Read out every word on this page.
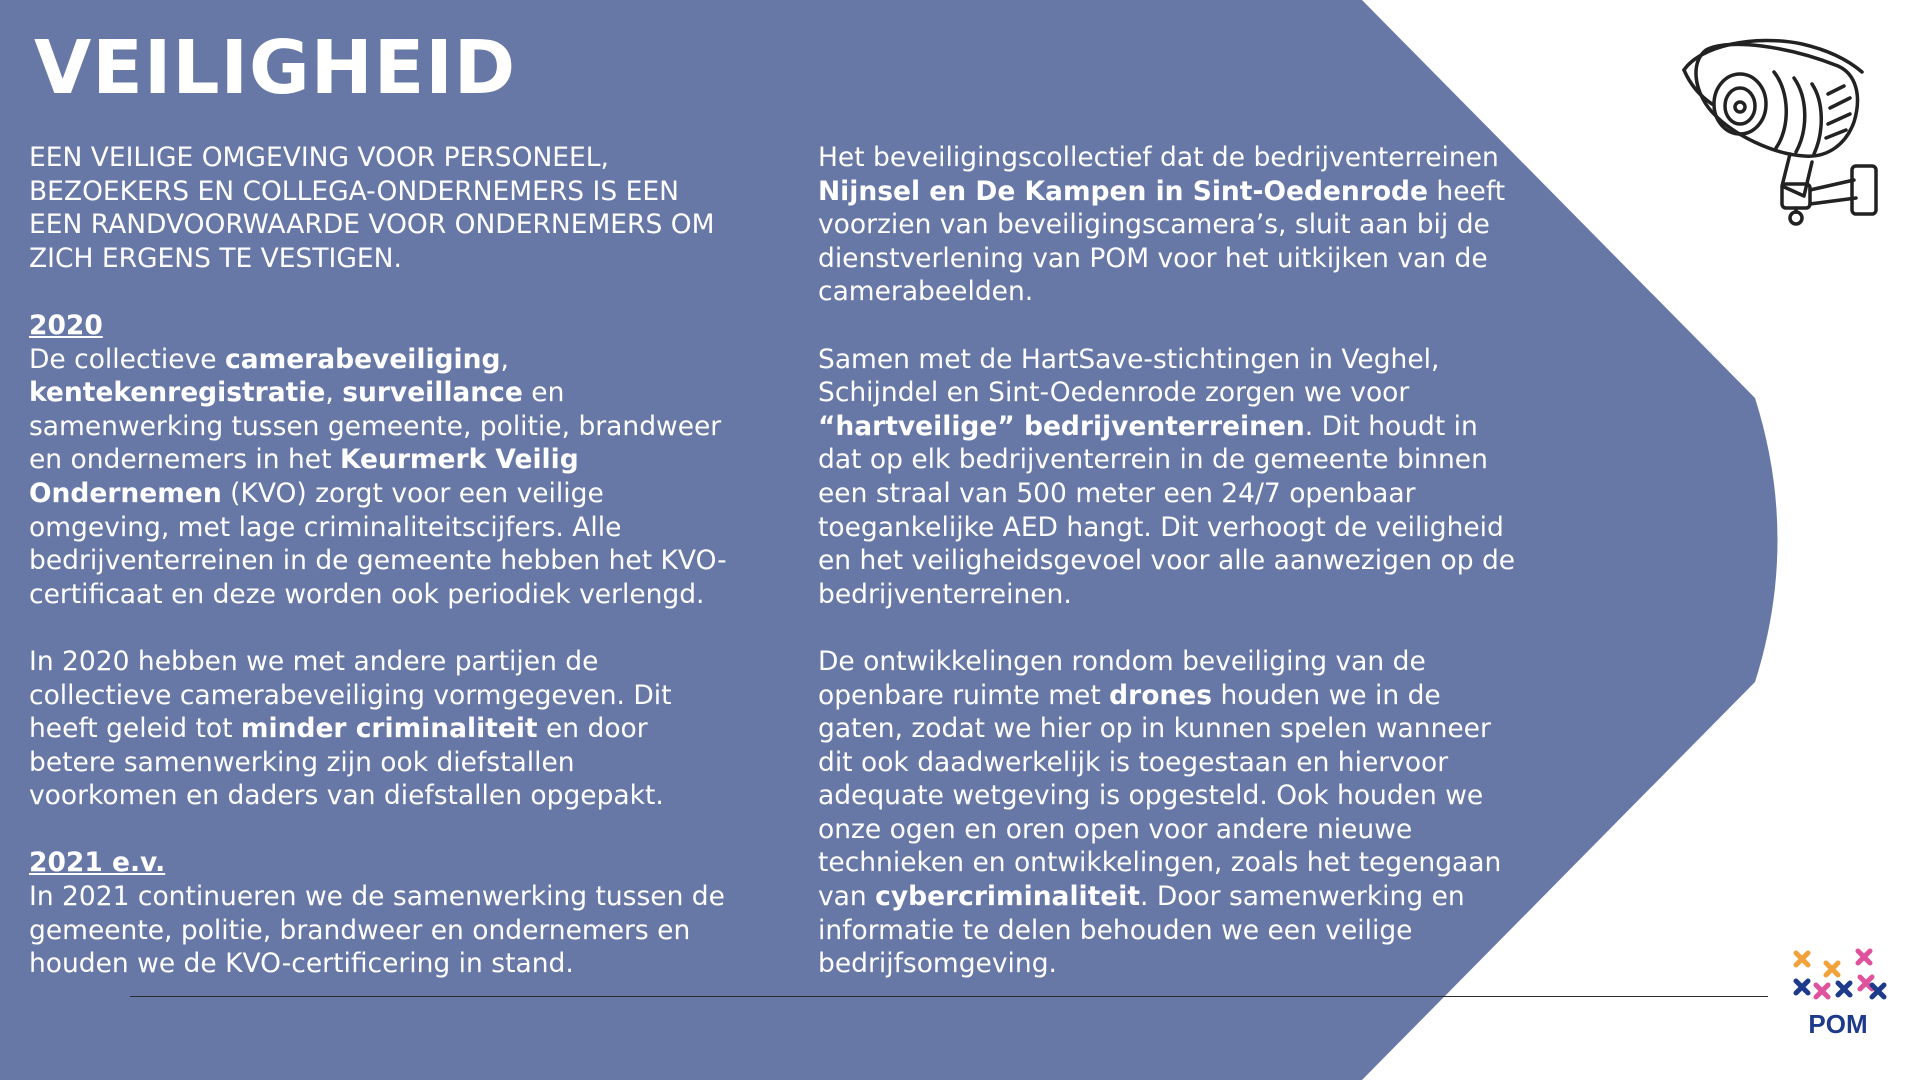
VEILIGHEID

EEN VEILIGE OMGEVING VOOR PERSONEEL,

BEZOEKERS EN COLLEGA-ONDERNEMERS IS EEN

EEN RANDVOORWAARDE VOOR ONDERNEMERS OM

ZICH ERGENS TE VESTIGEN.

2020

De collectieve camerabeveiliging,

kentekenregistratie, surveillance en

samenwerking tussen gemeente, politie, brandweer

en ondernemers in het Keurmerk Veilig

Ondernemen (KVO) zorgt voor een veilige

omgeving, met lage criminaliteitscijfers. Alle

bedrijventerreinen in de gemeente hebben het KVO-

certificaat en deze worden ook periodiek verlengd.

In 2020 hebben we met andere partijen de

collectieve camerabeveiliging vormgegeven. Dit

heeft geleid tot minder criminaliteit en door

betere samenwerking zijn ook diefstallen

voorkomen en daders van diefstallen opgepakt.

2021 e.v.

In 2021 continueren we de samenwerking tussen de

gemeente, politie, brandweer en ondernemers en

houden we de KVO-certificering in stand.

Het beveiligingscollectief dat de bedrijventerreinen

Nijnsel en De Kampen in Sint-Oedenrode heeft

voorzien van beveiligingscamera’s, sluit aan bij de

dienstverlening van POM voor het uitkijken van de

camerabeelden.

Samen met de HartSave-stichtingen in Veghel,

Schijndel en Sint-Oedenrode zorgen we voor

“hartveilige” bedrijventerreinen. Dit houdt in

dat op elk bedrijventerrein in de gemeente binnen

een straal van 500 meter een 24/7 openbaar

toegankelijke AED hangt. Dit verhoogt de veiligheid

en het veiligheidsgevoel voor alle aanwezigen op de

bedrijventerreinen.

De ontwikkelingen rondom beveiliging van de

openbare ruimte met drones houden we in de

gaten, zodat we hier op in kunnen spelen wanneer

dit ook daadwerkelijk is toegestaan en hiervoor

adequate wetgeving is opgesteld. Ook houden we

onze ogen en oren open voor andere nieuwe

technieken en ontwikkelingen, zoals het tegengaan

van cybercriminaliteit. Door samenwerking en

informatie te delen behouden we een veilige

bedrijfsomgeving.

POM
